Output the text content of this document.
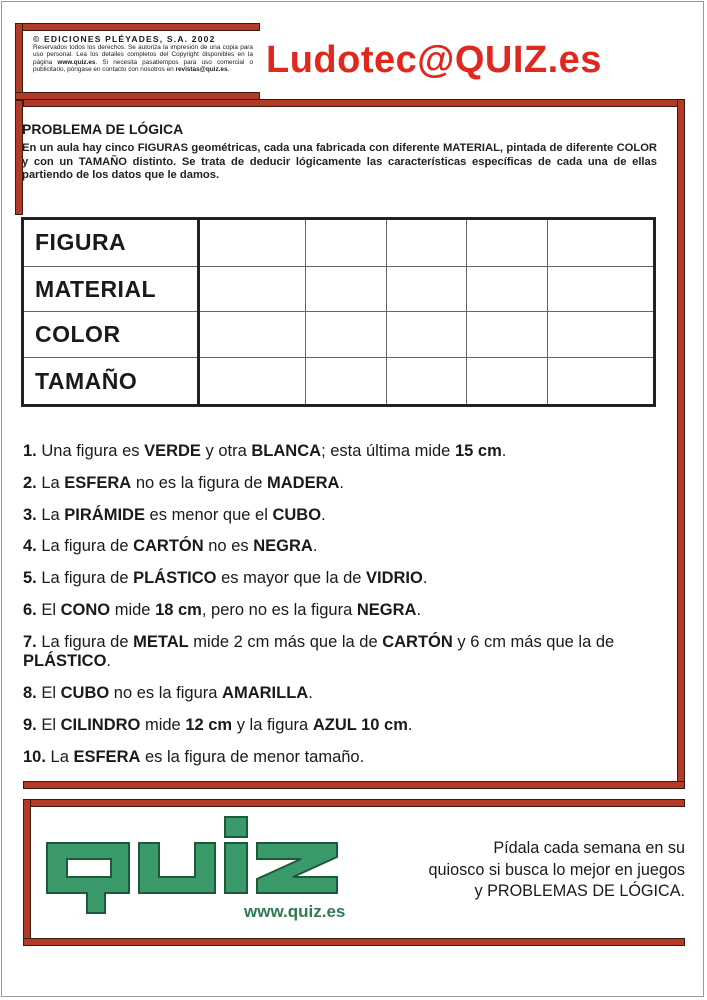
© EDICIONES PLÉYADES, S.A. 2002
Reservados todos los derechos. Se autoriza la impresión de una copia para uso personal. Lea los detalles completos del Copyright disponibles en la página www.quiz.es. Si necesita pasatiempos para uso comercial o publicitario, póngase en contacto con nosotros en revistas@quiz.es. Ludotec@QUIZ.es
PROBLEMA DE LÓGICA
En un aula hay cinco FIGURAS geométricas, cada una fabricada con diferente MATERIAL, pintada de diferente COLOR y con un TAMAÑO distinto. Se trata de deducir lógicamente las características específicas de cada una de ellas partiendo de los datos que le damos.
FIGURA					
MATERIAL					
COLOR					
TAMAÑO					
1. Una figura es VERDE y otra BLANCA; esta última mide 15 cm.
2. La ESFERA no es la figura de MADERA.
3. La PIRÁMIDE es menor que el CUBO.
4. La figura de CARTÓN no es NEGRA.
5. La figura de PLÁSTICO es mayor que la de VIDRIO.
6. El CONO mide 18 cm, pero no es la figura NEGRA.
7. La figura de METAL mide 2 cm más que la de CARTÓN y 6 cm más que la de PLÁSTICO.
8. El CUBO no es la figura AMARILLA.
9. El CILINDRO mide 12 cm y la figura AZUL 10 cm.
10. La ESFERA es la figura de menor tamaño.
www.quiz.es
Pídala cada semana en su
quiosco si busca lo mejor en juegos
y PROBLEMAS DE LÓGICA.
